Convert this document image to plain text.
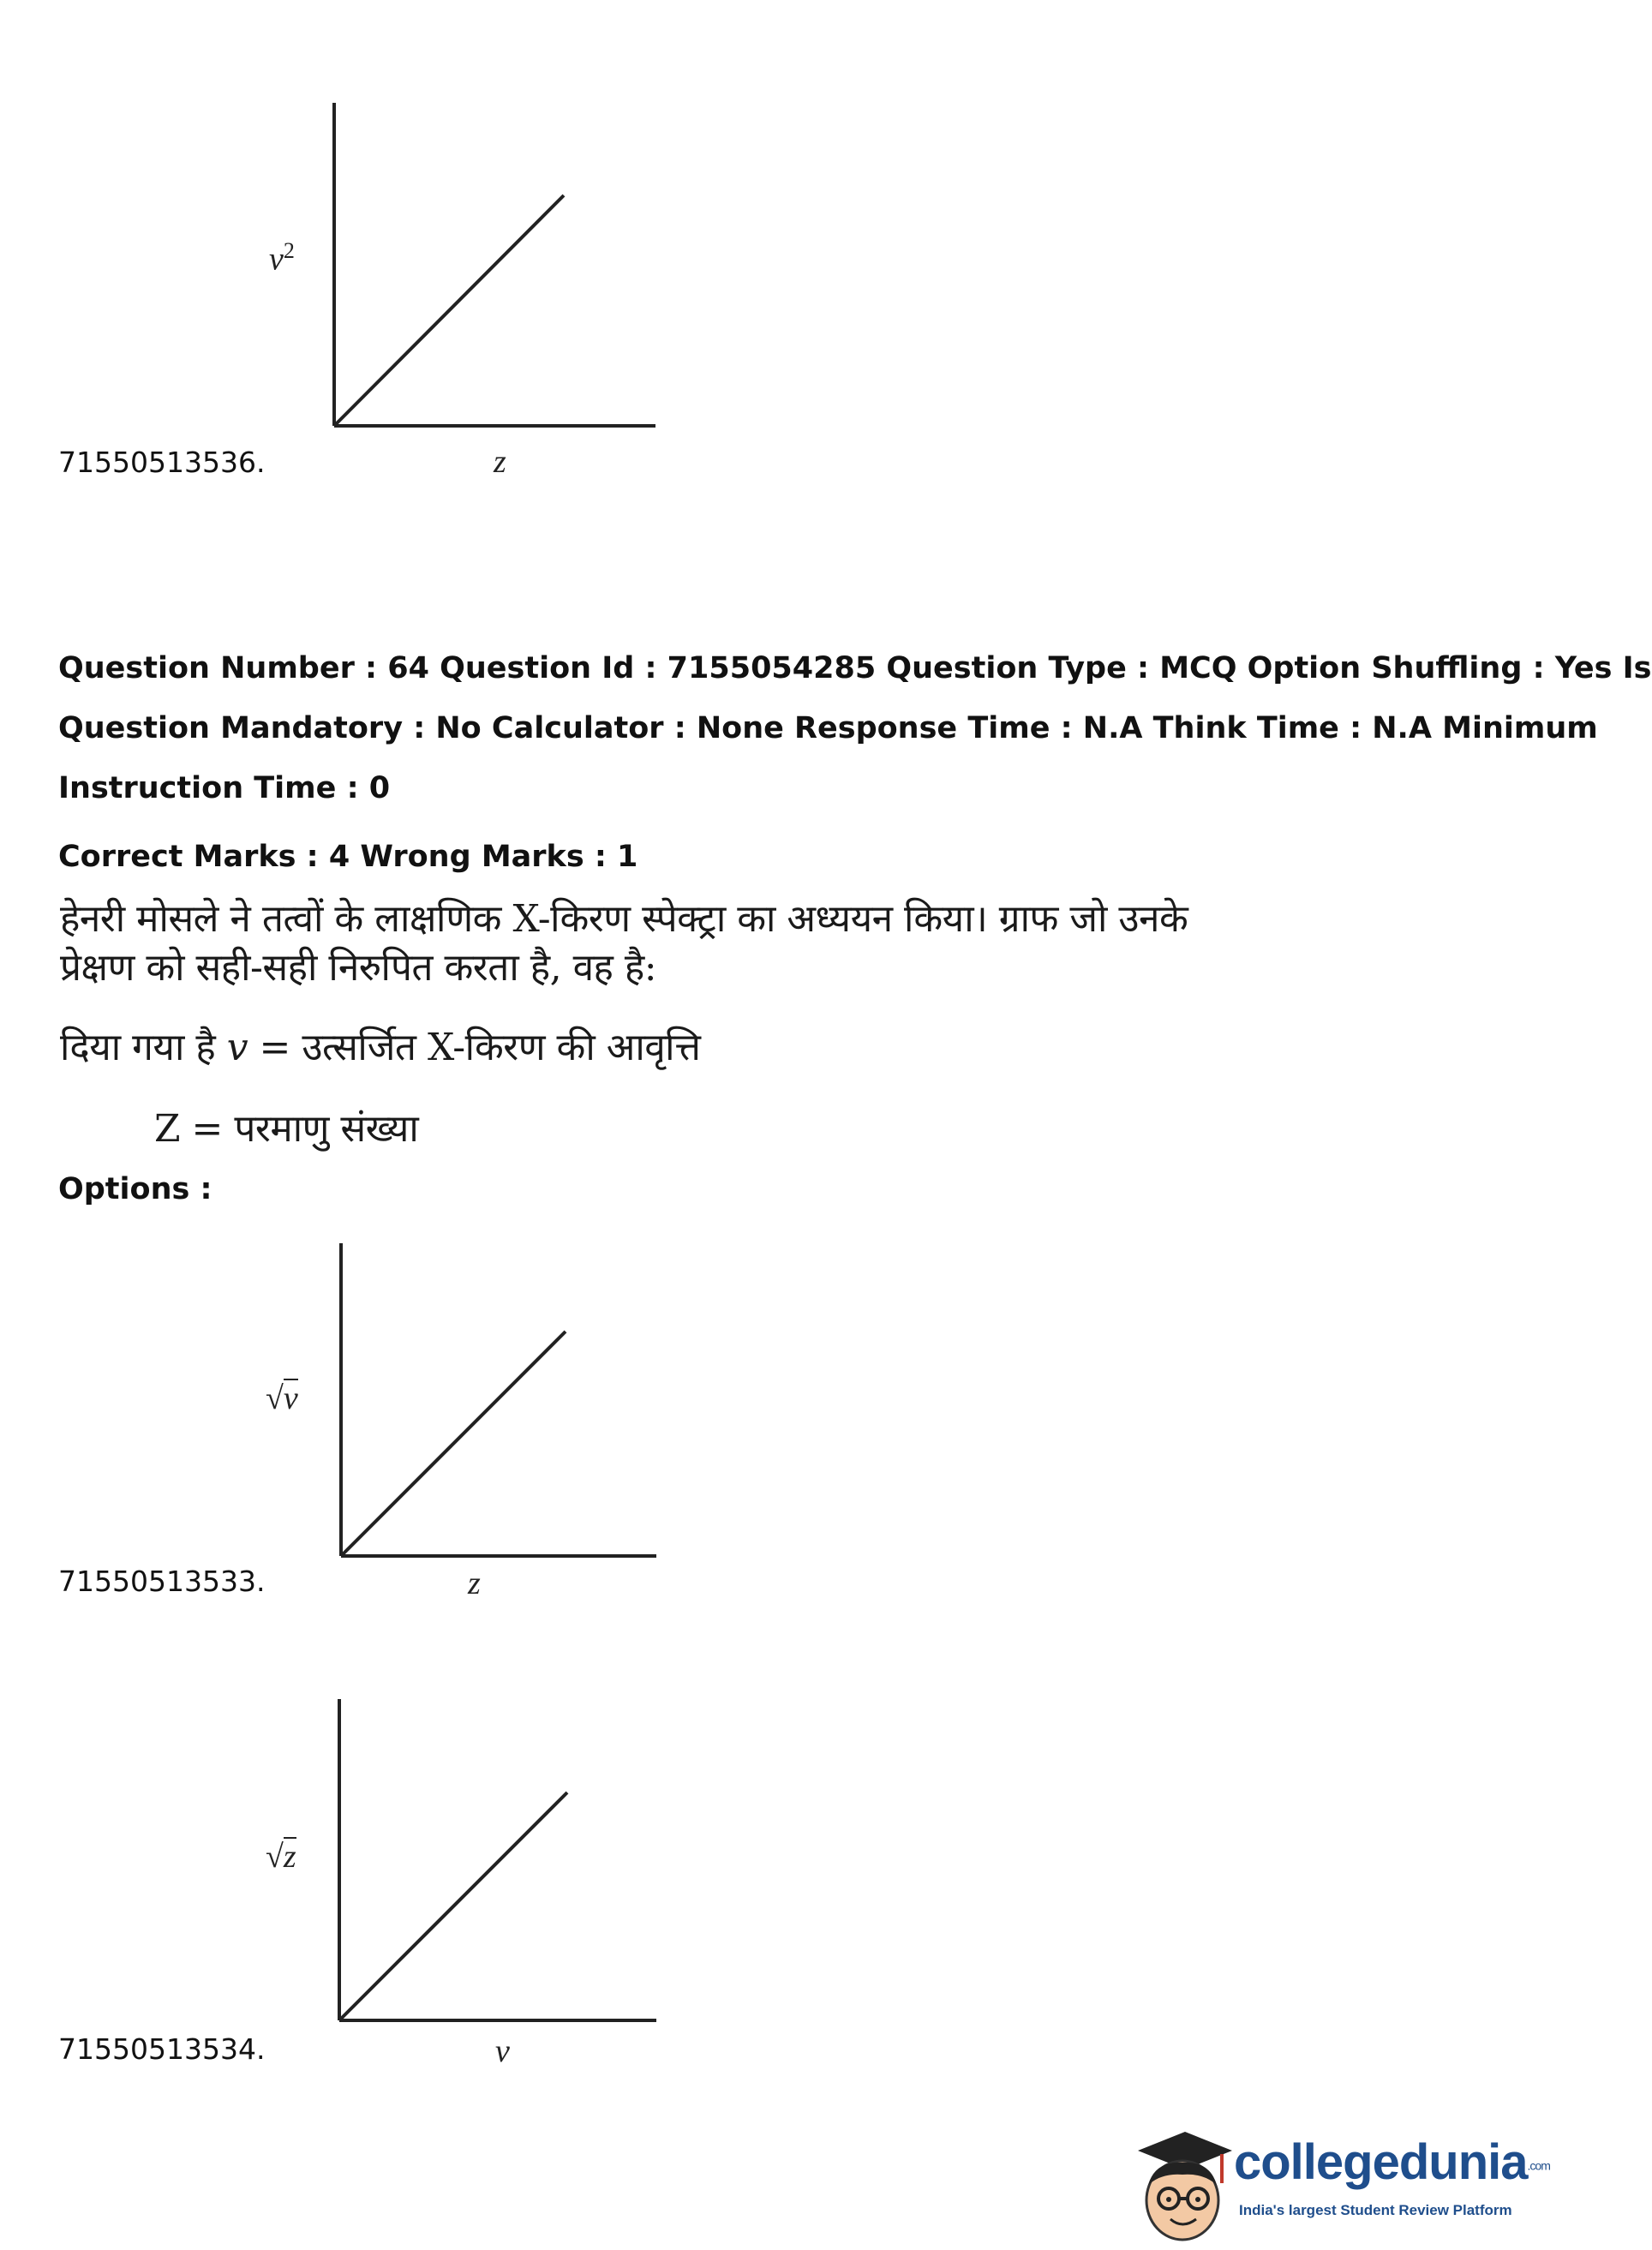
$v^2$
z
71550513536.
Question Number : 64 Question Id : 7155054285 Question Type : MCQ Option Shuffling : Yes Is
Question Mandatory : No Calculator : None Response Time : N.A Think Time : N.A Minimum
Instruction Time : 0
Correct Marks : 4 Wrong Marks : 1
हेनरी मोसले ने तत्वों के लाक्षणिक X-किरण स्पेक्ट्रा का अध्ययन किया। ग्राफ जो उनके
प्रेक्षण को सही-सही निरुपित करता है, वह है:
दिया गया है v = उत्सर्जित X-किरण की आवृत्ति
Z = परमाणु संख्या
Options :
√v
z
71550513533.
√z
v
71550513534.
collegedunia.com
India's largest Student Review Platform
